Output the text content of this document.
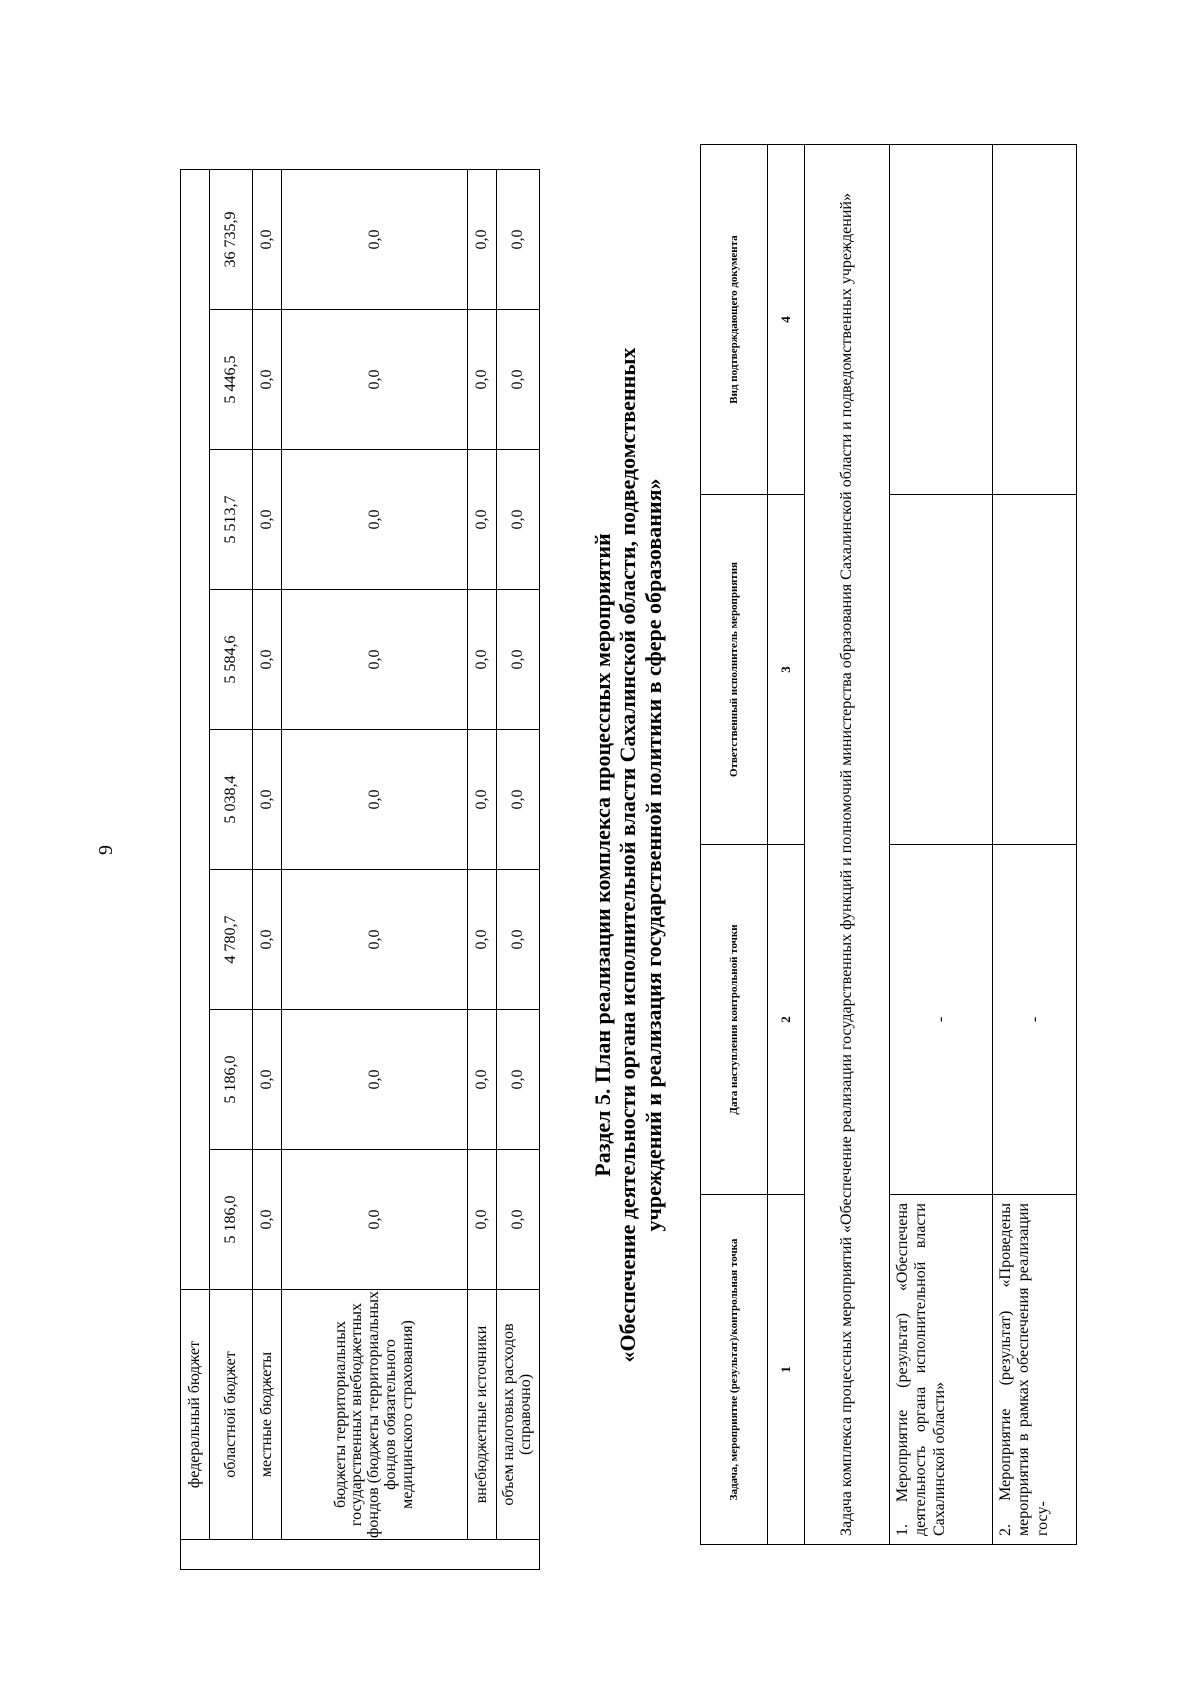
9
	федеральный бюджет								
	областной бюджет	5 186,0	5 186,0	4 780,7	5 038,4	5 584,6	5 513,7	5 446,5	36 735,9
	местные бюджеты	0,0	0,0	0,0	0,0	0,0	0,0	0,0	0,0
	бюджеты территориальных государственных внебюджетных фондов (бюджеты территориальных фондов обязательного медицинского страхования)	0,0	0,0	0,0	0,0	0,0	0,0	0,0	0,0
	внебюджетные источники	0,0	0,0	0,0	0,0	0,0	0,0	0,0	0,0
	объем налоговых расходов (справочно)	0,0	0,0	0,0	0,0	0,0	0,0	0,0	0,0
Раздел 5. План реализации комплекса процессных мероприятий «Обеспечение деятельности органа исполнительной власти Сахалинской области, подведомственных учреждений и реализация государственной политики в сфере образования»
Задача, мероприятие (результат)/контрольная точка	Дата наступления контрольной точки	Ответственный исполнитель мероприятия	Вид подтверждающего документа
1	2	3	4
Задача комплекса процессных мероприятий «Обеспечение реализации государственных функций и полномочий министерства образования Сахалинской области и подведомственных учреждений»			
1. Мероприятие (результат) «Обеспечена деятельность органа исполнительной власти Сахалинской области»	-		
2. Мероприятие (результат) «Проведены мероприятия в рамках обеспечения реализации госу-	-		
